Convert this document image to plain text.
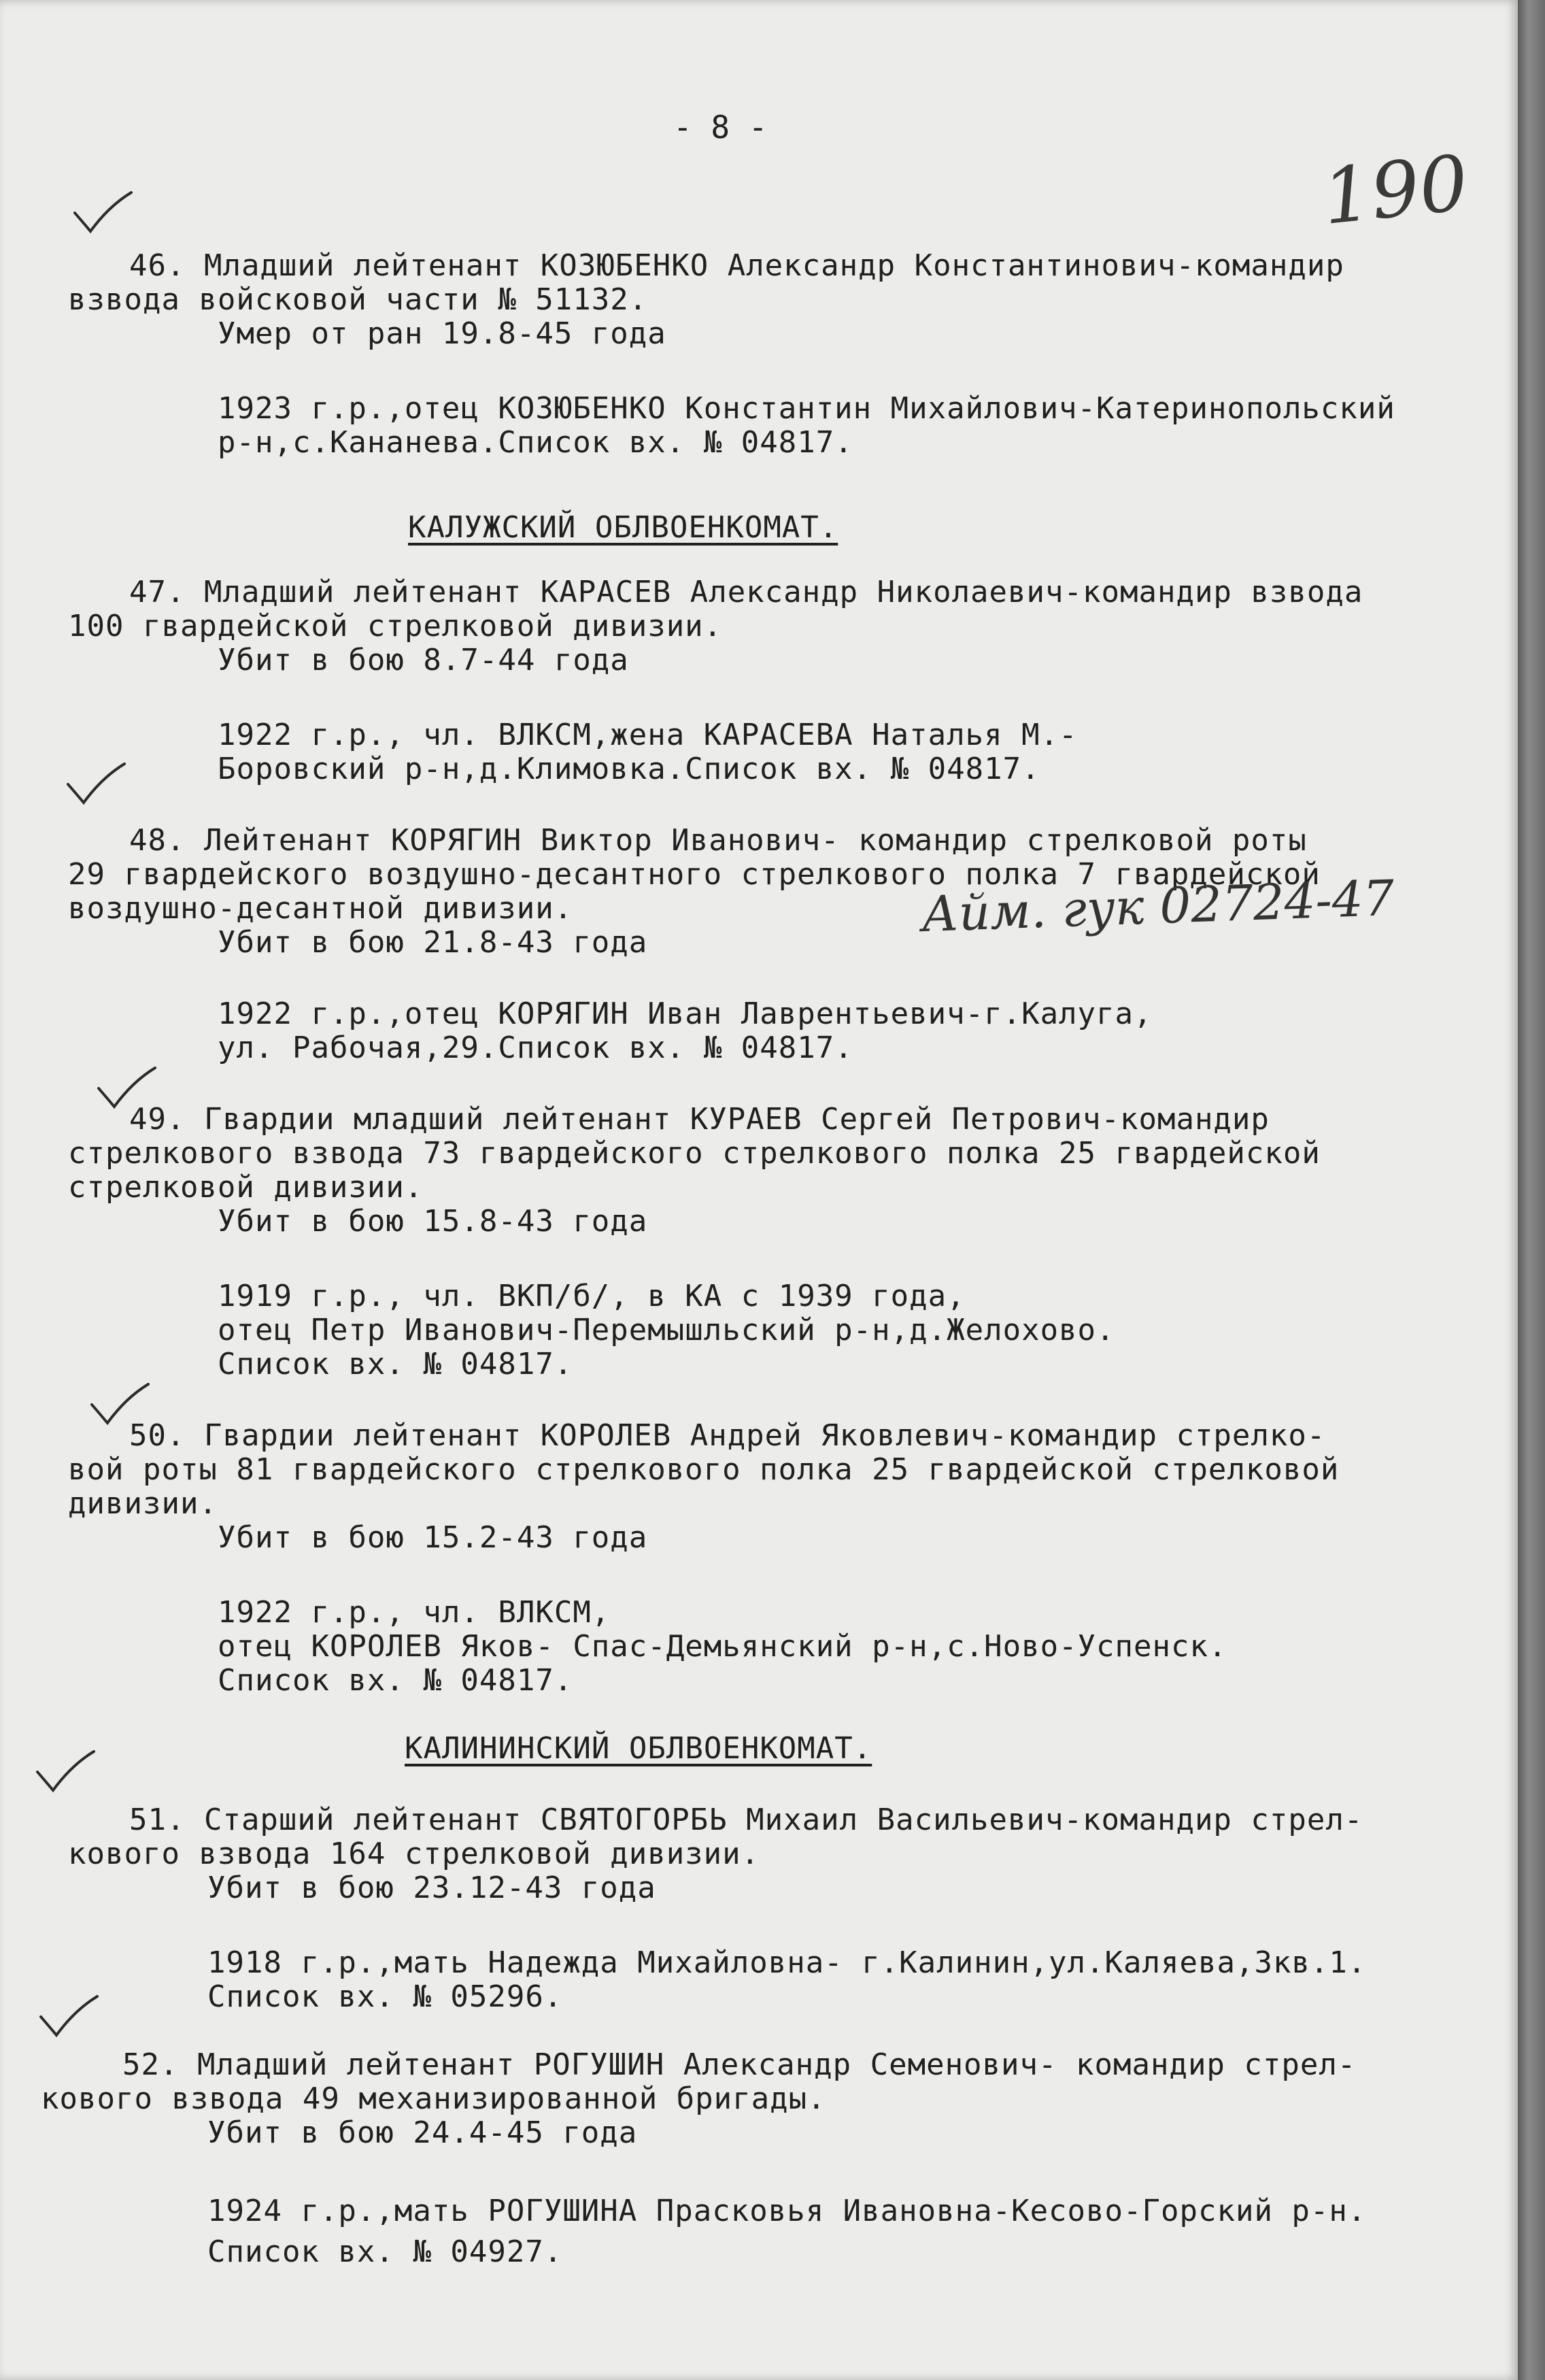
- 8 -
190
46. Младший лейтенант КОЗЮБЕНКО Александр Константинович-командир
взвода войсковой части № 51132.
Умер от ран 19.8-45 года
1923 г.р.,отец КОЗЮБЕНКО Константин Михайлович-Катеринопольский
р-н,с.Кананева.Список вх. № 04817.
КАЛУЖСКИЙ ОБЛВОЕНКОМАТ.
47. Младший лейтенант КАРАСЕВ Александр Николаевич-командир взвода
100 гвардейской стрелковой дивизии.
Убит в бою 8.7-44 года
1922 г.р., чл. ВЛКСМ,жена КАРАСЕВА Наталья М.-
Боровский р-н,д.Климовка.Список вх. № 04817.
48. Лейтенант КОРЯГИН Виктор Иванович- командир стрелковой роты
29 гвардейского воздушно-десантного стрелкового полка 7 гвардейской
воздушно-десантной дивизии.	Айм. гук 02724-47
Убит в бою 21.8-43 года
1922 г.р.,отец КОРЯГИН Иван Лаврентьевич-г.Калуга,
ул. Рабочая,29.Список вх. № 04817.
49. Гвардии младший лейтенант КУРАЕВ Сергей Петрович-командир
стрелкового взвода 73 гвардейского стрелкового полка 25 гвардейской
стрелковой дивизии.
Убит в бою 15.8-43 года
1919 г.р., чл. ВКП/б/, в КА с 1939 года,
отец Петр Иванович-Перемышльский р-н,д.Желохово.
Список вх. № 04817.
50. Гвардии лейтенант КОРОЛЕВ Андрей Яковлевич-командир стрелко-
вой роты 81 гвардейского стрелкового полка 25 гвардейской стрелковой
дивизии.
Убит в бою 15.2-43 года
1922 г.р., чл. ВЛКСМ,
отец КОРОЛЕВ Яков- Спас-Демьянский р-н,с.Ново-Успенск.
Список вх. № 04817.
КАЛИНИНСКИЙ ОБЛВОЕНКОМАТ.
51. Старший лейтенант СВЯТОГОРБЬ Михаил Васильевич-командир стрел-
кового взвода 164 стрелковой дивизии.
Убит в бою 23.12-43 года
1918 г.р.,мать Надежда Михайловна- г.Калинин,ул.Каляева,3кв.1.
Список вх. № 05296.
52. Младший лейтенант РОГУШИН Александр Семенович- командир стрел-
кового взвода 49 механизированной бригады.
Убит в бою 24.4-45 года
1924 г.р.,мать РОГУШИНА Прасковья Ивановна-Кесово-Горский р-н.
Список вх. № 04927.
